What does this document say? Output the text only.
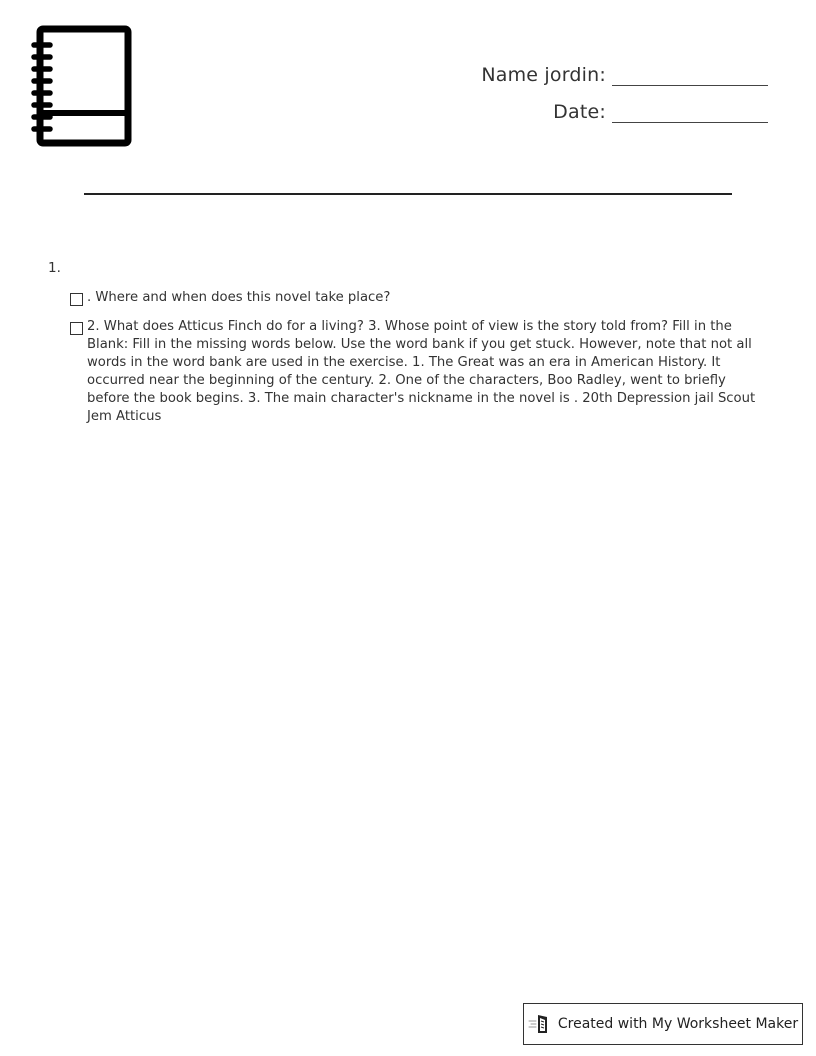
Name jordin:
Date:
1.
. Where and when does this novel take place?
2. What does Atticus Finch do for a living? 3. Whose point of view is the story told from? Fill in the Blank: Fill in the missing words below. Use the word bank if you get stuck. However, note that not all words in the word bank are used in the exercise. 1. The Great was an era in American History. It occurred near the beginning of the century. 2. One of the characters, Boo Radley, went to briefly before the book begins. 3. The main character's nickname in the novel is . 20th Depression jail Scout Jem Atticus
Created with My Worksheet Maker
